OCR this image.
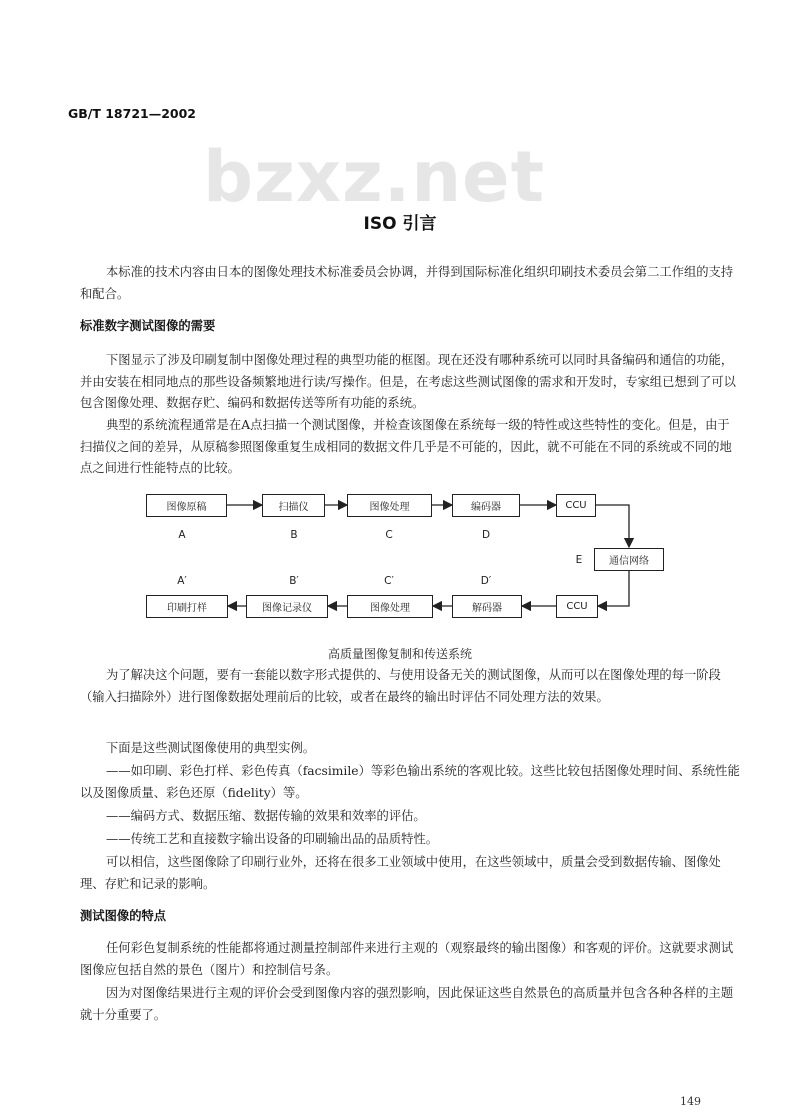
GB/T 18721—2002
bzxz.net
ISO 引言
本标准的技术内容由日本的图像处理技术标准委员会协调，并得到国际标准化组织印刷技术委员会第二工作组的支持和配合。
标准数字测试图像的需要
下图显示了涉及印刷复制中图像处理过程的典型功能的框图。现在还没有哪种系统可以同时具备编码和通信的功能，并由安装在相同地点的那些设备频繁地进行读/写操作。但是，在考虑这些测试图像的需求和开发时，专家组已想到了可以包含图像处理、数据存贮、编码和数据传送等所有功能的系统。
典型的系统流程通常是在A点扫描一个测试图像，并检查该图像在系统每一级的特性或这些特性的变化。但是，由于扫描仪之间的差异，从原稿参照图像重复生成相同的数据文件几乎是不可能的，因此，就不可能在不同的系统或不同的地点之间进行性能特点的比较。
图像原稿	扫描仪	图像处理	编码器	CCU
A	B	C	D
E	通信网络
A′	B′	C′	D′
印刷打样	图像记录仪	图像处理	解码器	CCU
高质量图像复制和传送系统
为了解决这个问题，要有一套能以数字形式提供的、与使用设备无关的测试图像，从而可以在图像处理的每一阶段（输入扫描除外）进行图像数据处理前后的比较，或者在最终的输出时评估不同处理方法的效果。
下面是这些测试图像使用的典型实例。
——如印刷、彩色打样、彩色传真（facsimile）等彩色输出系统的客观比较。这些比较包括图像处理时间、系统性能以及图像质量、彩色还原（fidelity）等。
——编码方式、数据压缩、数据传输的效果和效率的评估。
——传统工艺和直接数字输出设备的印刷输出品的品质特性。
可以相信，这些图像除了印刷行业外，还将在很多工业领域中使用，在这些领域中，质量会受到数据传输、图像处理、存贮和记录的影响。
测试图像的特点
任何彩色复制系统的性能都将通过测量控制部件来进行主观的（观察最终的输出图像）和客观的评价。这就要求测试图像应包括自然的景色（图片）和控制信号条。
因为对图像结果进行主观的评价会受到图像内容的强烈影响，因此保证这些自然景色的高质量并包含各种各样的主题就十分重要了。
149
